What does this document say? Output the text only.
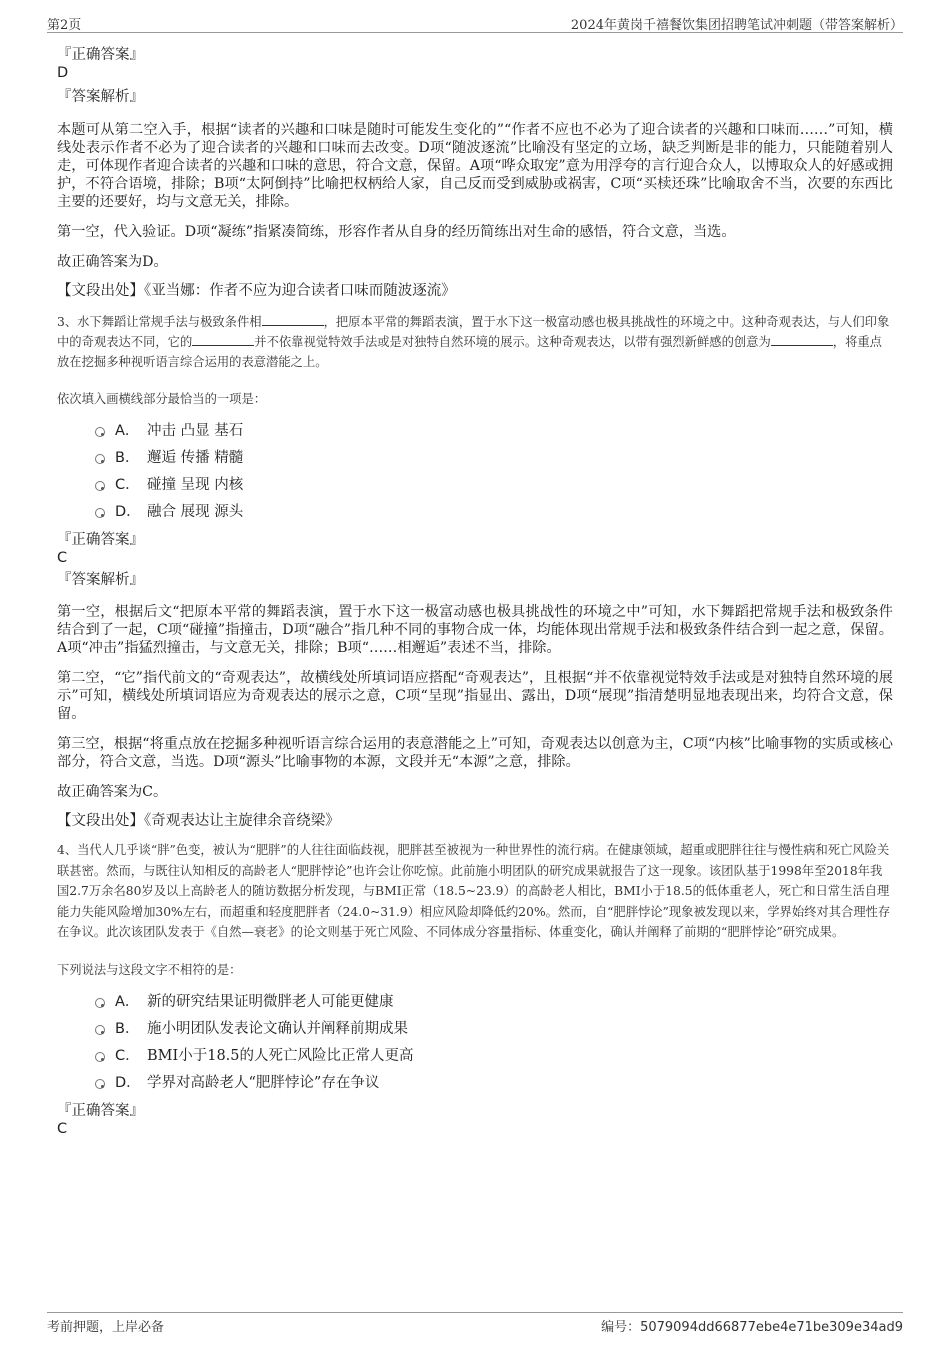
第2页	2024年黄岗千禧餐饮集团招聘笔试冲刺题（带答案解析）
『正确答案』
D
『答案解析』
本题可从第二空入手，根据“读者的兴趣和口味是随时可能发生变化的”“作者不应也不必为了迎合读者的兴趣和口味而……”可知，横线处表示作者不必为了迎合读者的兴趣和口味而去改变。D项“随波逐流”比喻没有坚定的立场，缺乏判断是非的能力，只能随着别人走，可体现作者迎合读者的兴趣和口味的意思，符合文意，保留。A项“哗众取宠”意为用浮夸的言行迎合众人，以博取众人的好感或拥护，不符合语境，排除；B项“太阿倒持”比喻把权柄给人家，自己反而受到威胁或祸害，C项“买椟还珠”比喻取舍不当，次要的东西比主要的还要好，均与文意无关，排除。
第一空，代入验证。D项“凝练”指紧凑简练，形容作者从自身的经历简练出对生命的感悟，符合文意，当选。
故正确答案为D。
【文段出处】《亚当娜：作者不应为迎合读者口味而随波逐流》
3、水下舞蹈让常规手法与极致条件相	，把原本平常的舞蹈表演，置于水下这一极富动感也极具挑战性的环境之中。这种奇观表达，与人们印象中的奇观表达不同，它的	并不依靠视觉特效手法或是对独特自然环境的展示。这种奇观表达，以带有强烈新鲜感的创意为	，将重点放在挖掘多种视听语言综合运用的表意潜能之上。
依次填入画横线部分最恰当的一项是：
A． 冲击 凸显 基石
B． 邂逅 传播 精髓
C． 碰撞 呈现 内核
D． 融合 展现 源头
『正确答案』
C
『答案解析』
第一空，根据后文“把原本平常的舞蹈表演，置于水下这一极富动感也极具挑战性的环境之中”可知，水下舞蹈把常规手法和极致条件结合到了一起，C项“碰撞”指撞击，D项“融合”指几种不同的事物合成一体，均能体现出常规手法和极致条件结合到一起之意，保留。A项“冲击”指猛烈撞击，与文意无关，排除；B项“……相邂逅”表述不当，排除。
第二空，“它”指代前文的“奇观表达”，故横线处所填词语应搭配“奇观表达”，且根据“并不依靠视觉特效手法或是对独特自然环境的展示”可知，横线处所填词语应为奇观表达的展示之意，C项“呈现”指显出、露出，D项“展现”指清楚明显地表现出来，均符合文意，保留。
第三空，根据“将重点放在挖掘多种视听语言综合运用的表意潜能之上”可知，奇观表达以创意为主，C项“内核”比喻事物的实质或核心部分，符合文意，当选。D项“源头”比喻事物的本源，文段并无“本源”之意，排除。
故正确答案为C。
【文段出处】《奇观表达让主旋律余音绕梁》
4、当代人几乎谈“胖”色变，被认为“肥胖”的人往往面临歧视，肥胖甚至被视为一种世界性的流行病。在健康领域，超重或肥胖往往与慢性病和死亡风险关联甚密。然而，与既往认知相反的高龄老人“肥胖悖论”也许会让你吃惊。此前施小明团队的研究成果就报告了这一现象。该团队基于1998年至2018年我国2.7万余名80岁及以上高龄老人的随访数据分析发现，与BMI正常（18.5~23.9）的高龄老人相比，BMI小于18.5的低体重老人，死亡和日常生活自理能力失能风险增加30%左右，而超重和轻度肥胖者（24.0~31.9）相应风险却降低约20%。然而，自“肥胖悖论”现象被发现以来，学界始终对其合理性存在争议。此次该团队发表于《自然—衰老》的论文则基于死亡风险、不同体成分容量指标、体重变化，确认并阐释了前期的“肥胖悖论”研究成果。
下列说法与这段文字不相符的是：
A． 新的研究结果证明微胖老人可能更健康
B． 施小明团队发表论文确认并阐释前期成果
C． BMI小于18.5的人死亡风险比正常人更高
D． 学界对高龄老人“肥胖悖论”存在争议
『正确答案』
C
考前押题，上岸必备	编号：5079094dd66877ebe4e71be309e34ad9
